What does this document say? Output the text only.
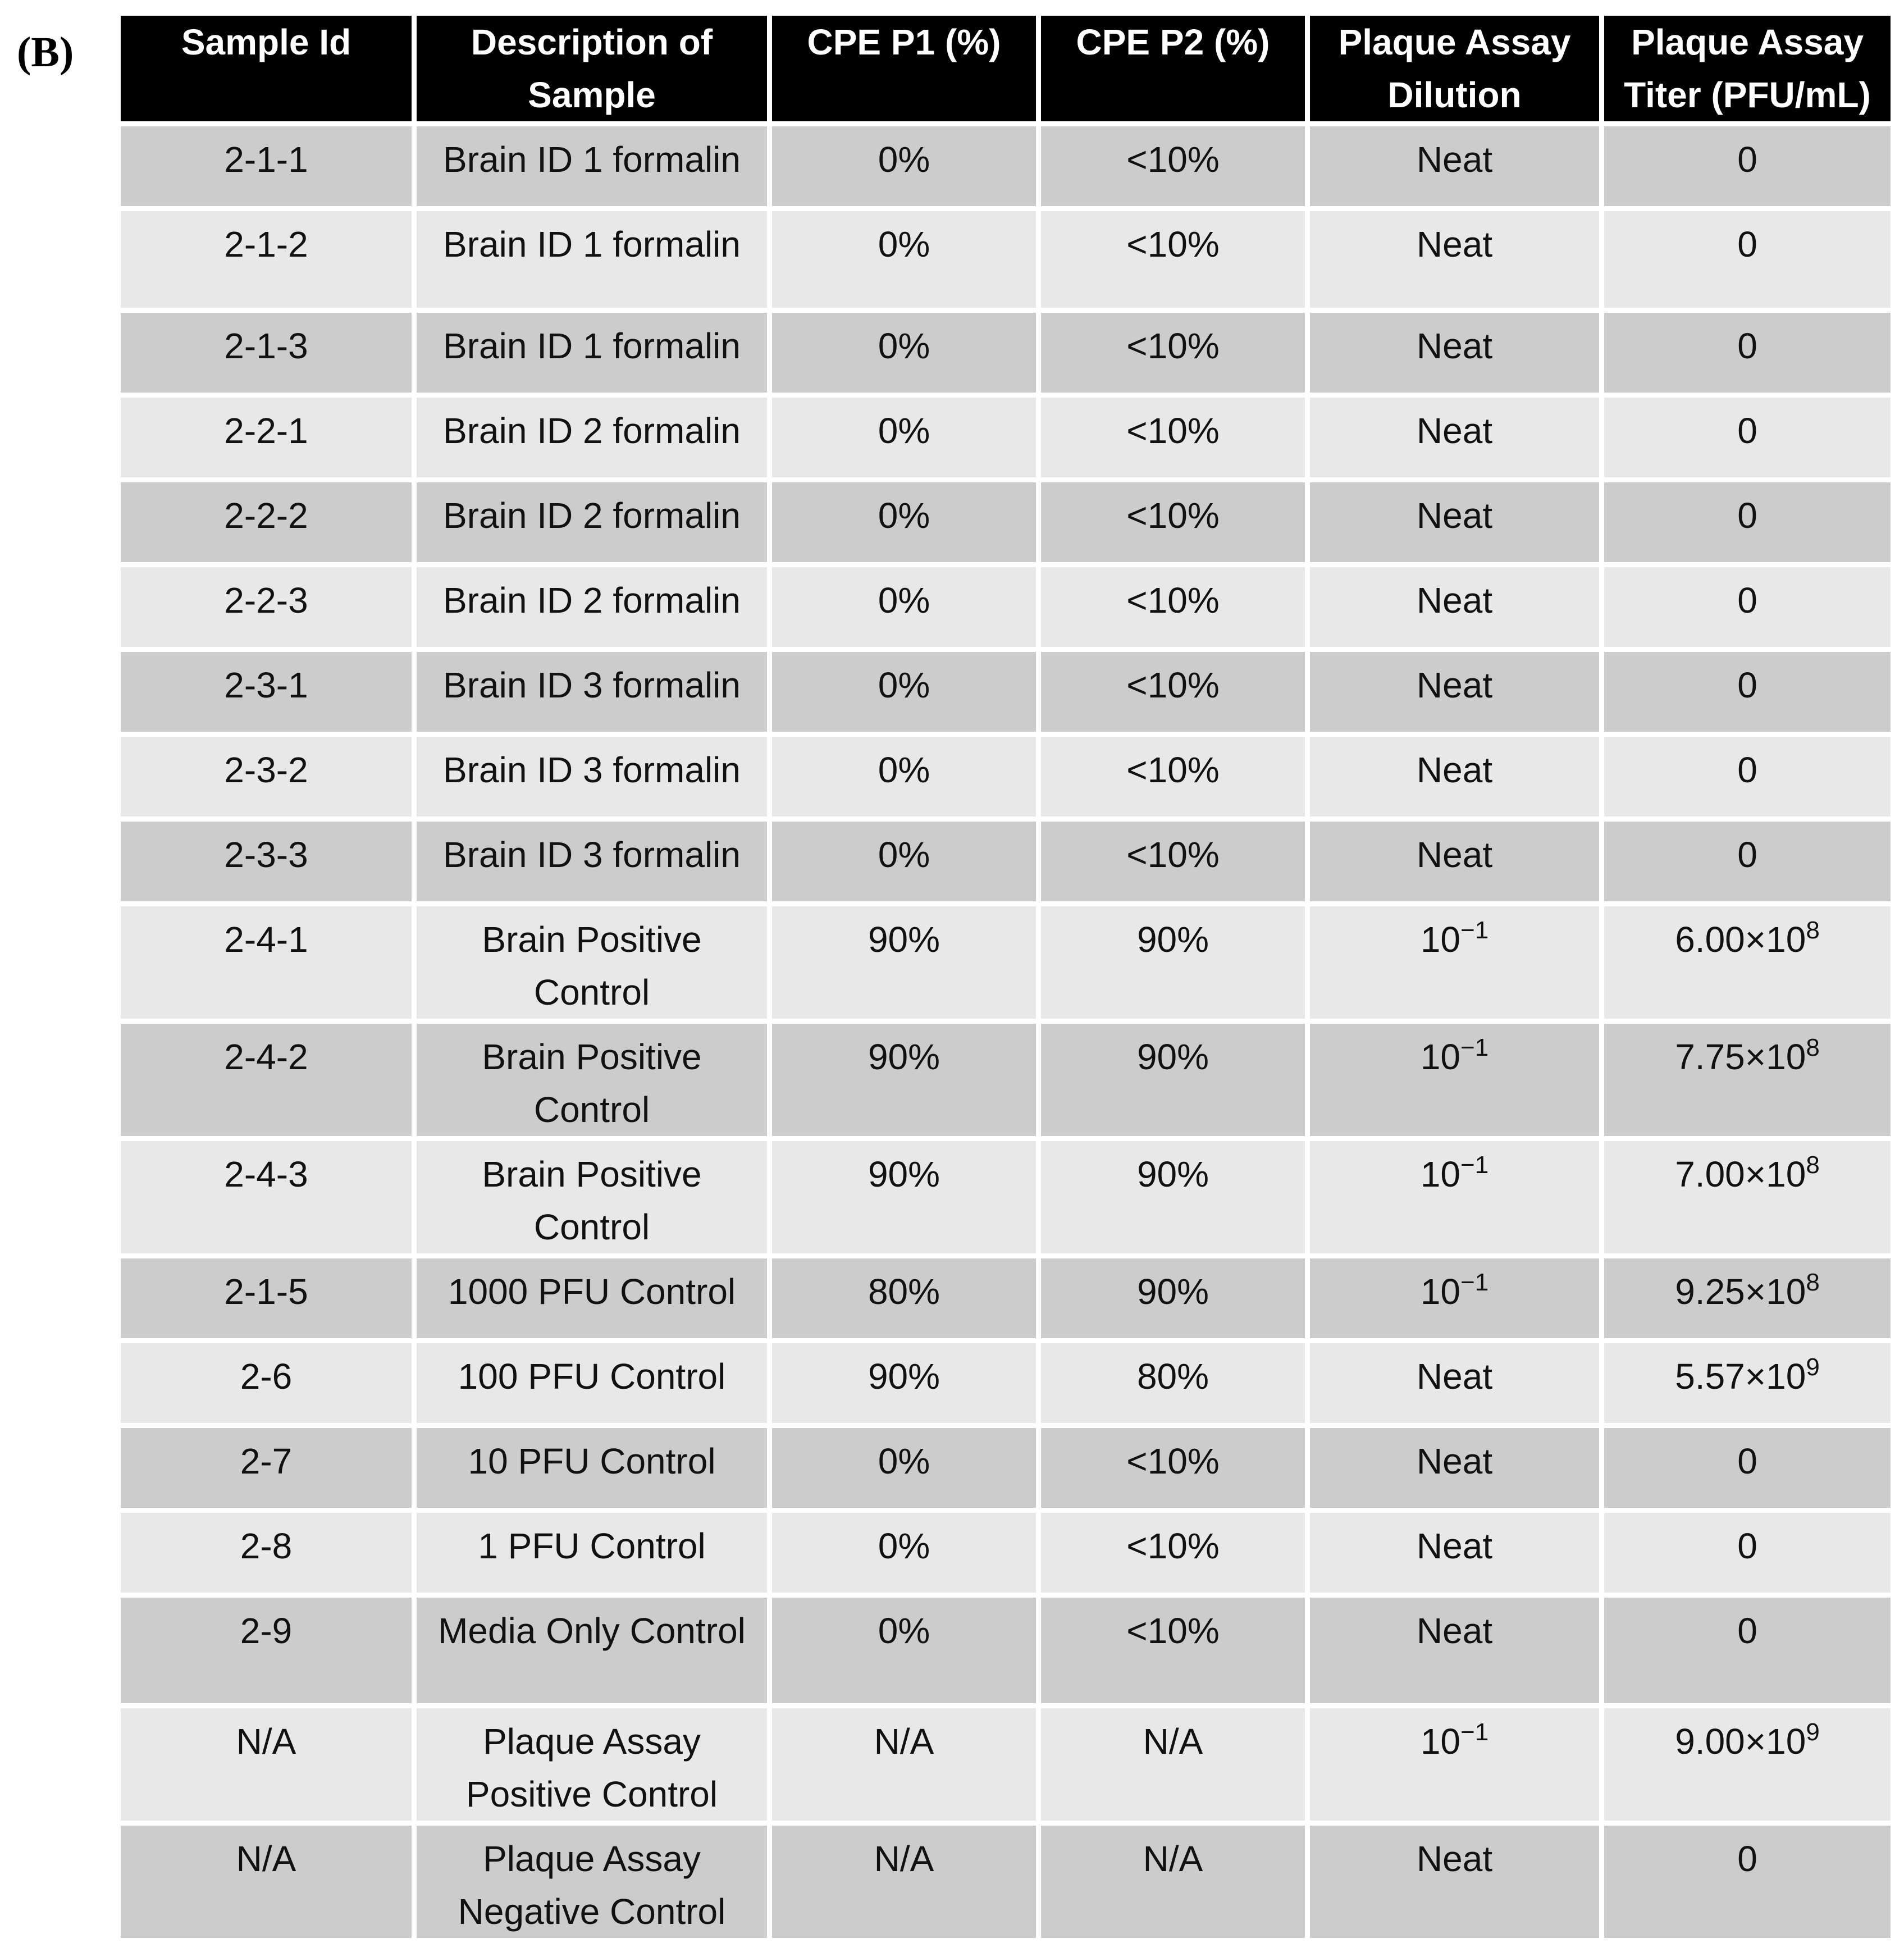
(B)	Sample Id	Description of Sample	CPE P1 (%)	CPE P2 (%)	Plaque Assay Dilution	Plaque Assay Titer (PFU/mL)
2-1-1	Brain ID 1 formalin	0%	<10%	Neat	0
2-1-2	Brain ID 1 formalin	0%	<10%	Neat	0
2-1-3	Brain ID 1 formalin	0%	<10%	Neat	0
2-2-1	Brain ID 2 formalin	0%	<10%	Neat	0
2-2-2	Brain ID 2 formalin	0%	<10%	Neat	0
2-2-3	Brain ID 2 formalin	0%	<10%	Neat	0
2-3-1	Brain ID 3 formalin	0%	<10%	Neat	0
2-3-2	Brain ID 3 formalin	0%	<10%	Neat	0
2-3-3	Brain ID 3 formalin	0%	<10%	Neat	0
2-4-1	Brain Positive Control	90%	90%	$10^{-1}$	$6.00\times 10^8$
2-4-2	Brain Positive Control	90%	90%	$10^{-1}$	$7.75\times 10^8$
2-4-3	Brain Positive Control	90%	90%	$10^{-1}$	$7.00\times 10^8$
2-1-5	1000 PFU Control	80%	90%	$10^{-1}$	$9.25\times 10^8$
2-6	100 PFU Control	90%	80%	Neat	$5.57\times 10^9$
2-7	10 PFU Control	0%	<10%	Neat	0
2-8	1 PFU Control	0%	<10%	Neat	0
2-9	Media Only Control	0%	<10%	Neat	0
N/A	Plaque Assay Positive Control	N/A	N/A	$10^{-1}$	$9.00\times 10^9$
N/A	Plaque Assay Negative Control	N/A	N/A	Neat	0
